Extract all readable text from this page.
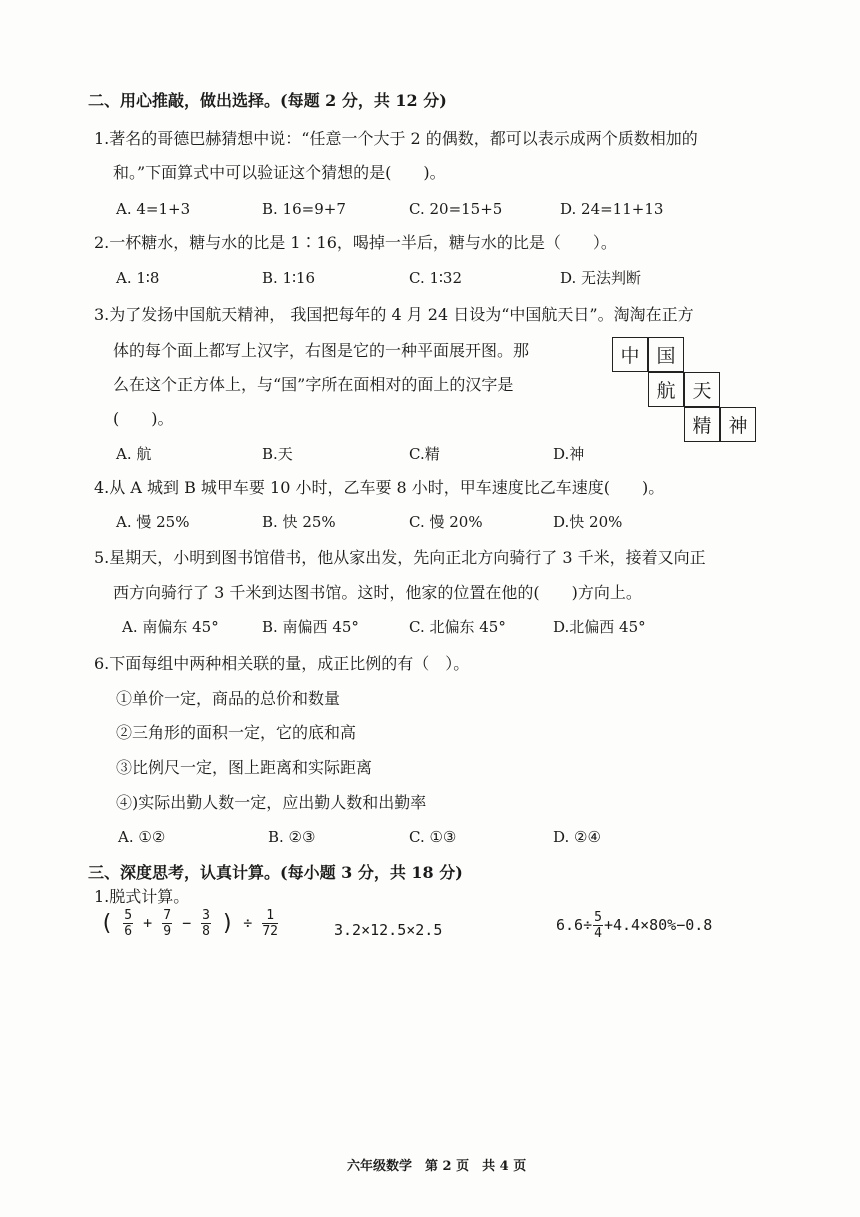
二、用心推敲，做出选择。(每题 2 分，共 12 分)
1.著名的哥德巴赫猜想中说：“任意一个大于 2 的偶数，都可以表示成两个质数相加的
和。”下面算式中可以验证这个猜想的是(　　)。
A. 4=1+3	B. 16=9+7	C. 20=15+5	D. 24=11+13
2.一杯糖水，糖与水的比是 1∶16，喝掉一半后，糖与水的比是（　　）。
A. 1∶8	B. 1∶16	C. 1∶32	D. 无法判断
3.为了发扬中国航天精神， 我国把每年的 4 月 24 日设为“中国航天日”。淘淘在正方
体的每个面上都写上汉字，右图是它的一种平面展开图。那
么在这个正方体上，与“国”字所在面相对的面上的汉字是
(　　)。
中 国
航 天
精 神
A. 航	B.天	C.精	D.神
4.从 A 城到 B 城甲车要 10 小时，乙车要 8 小时，甲车速度比乙车速度(　　)。
A. 慢 25%	B. 快 25%	C. 慢 20%	D.快 20%
5.星期天，小明到图书馆借书，他从家出发，先向正北方向骑行了 3 千米，接着又向正
西方向骑行了 3 千米到达图书馆。这时，他家的位置在他的(　　)方向上。
A. 南偏东 45°	B. 南偏西 45°	C. 北偏东 45°	D.北偏西 45°
6.下面每组中两种相关联的量，成正比例的有（　）。
①单价一定，商品的总价和数量
②三角形的面积一定，它的底和高
③比例尺一定，图上距离和实际距离
④)实际出勤人数一定，应出勤人数和出勤率
A. ①②	B. ②③	C. ①③	D. ②④
三、深度思考，认真计算。(每小题 3 分，共 18 分)
1.脱式计算。
( $\frac{5}{6} + \frac{7}{9} - \frac{3}{8}$ ) ÷ $\frac{1}{72}$	3.2×12.5×2.5	$6.6\div \frac{5}{4} +4.4\times 80\%-0.8$
六年级数学　第 2 页　共 4 页
